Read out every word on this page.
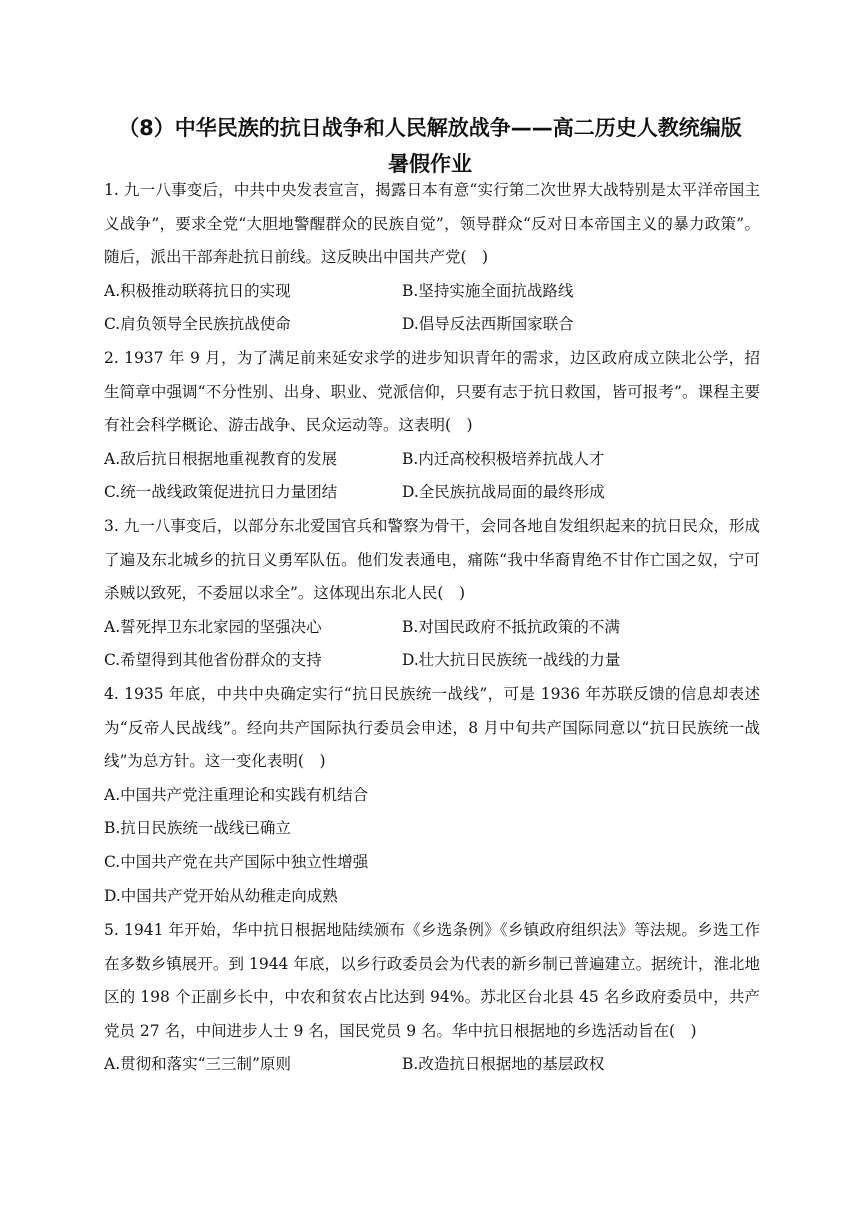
（8）中华民族的抗日战争和人民解放战争——高二历史人教统编版
暑假作业

1. 九一八事变后，中共中央发表宣言，揭露日本有意“实行第二次世界大战特别是太平洋帝国主义战争”，要求全党“大胆地警醒群众的民族自觉”，领导群众“反对日本帝国主义的暴力政策”。随后，派出干部奔赴抗日前线。这反映出中国共产党(　)

A.积极推动联蒋抗日的实现	B.坚持实施全面抗战路线
C.肩负领导全民族抗战使命	D.倡导反法西斯国家联合

2. 1937 年 9 月，为了满足前来延安求学的进步知识青年的需求，边区政府成立陕北公学，招生简章中强调“不分性别、出身、职业、党派信仰，只要有志于抗日救国，皆可报考”。课程主要有社会科学概论、游击战争、民众运动等。这表明(　)

A.敌后抗日根据地重视教育的发展	B.内迁高校积极培养抗战人才
C.统一战线政策促进抗日力量团结	D.全民族抗战局面的最终形成

3. 九一八事变后，以部分东北爱国官兵和警察为骨干，会同各地自发组织起来的抗日民众，形成了遍及东北城乡的抗日义勇军队伍。他们发表通电，痛陈“我中华裔胄绝不甘作亡国之奴，宁可杀贼以致死，不委屈以求全”。这体现出东北人民(　)

A.誓死捍卫东北家园的坚强决心	B.对国民政府不抵抗政策的不满
C.希望得到其他省份群众的支持	D.壮大抗日民族统一战线的力量

4. 1935 年底，中共中央确定实行“抗日民族统一战线”，可是 1936 年苏联反馈的信息却表述为“反帝人民战线”。经向共产国际执行委员会申述，8 月中旬共产国际同意以“抗日民族统一战线”为总方针。这一变化表明(　)

A.中国共产党注重理论和实践有机结合
B.抗日民族统一战线已确立
C.中国共产党在共产国际中独立性增强
D.中国共产党开始从幼稚走向成熟

5. 1941 年开始，华中抗日根据地陆续颁布《乡选条例》《乡镇政府组织法》等法规。乡选工作在多数乡镇展开。到 1944 年底，以乡行政委员会为代表的新乡制已普遍建立。据统计，淮北地区的 198 个正副乡长中，中农和贫农占比达到 94%。苏北区台北县 45 名乡政府委员中，共产党员 27 名，中间进步人士 9 名，国民党员 9 名。华中抗日根据地的乡选活动旨在(　)

A.贯彻和落实“三三制”原则	B.改造抗日根据地的基层政权
